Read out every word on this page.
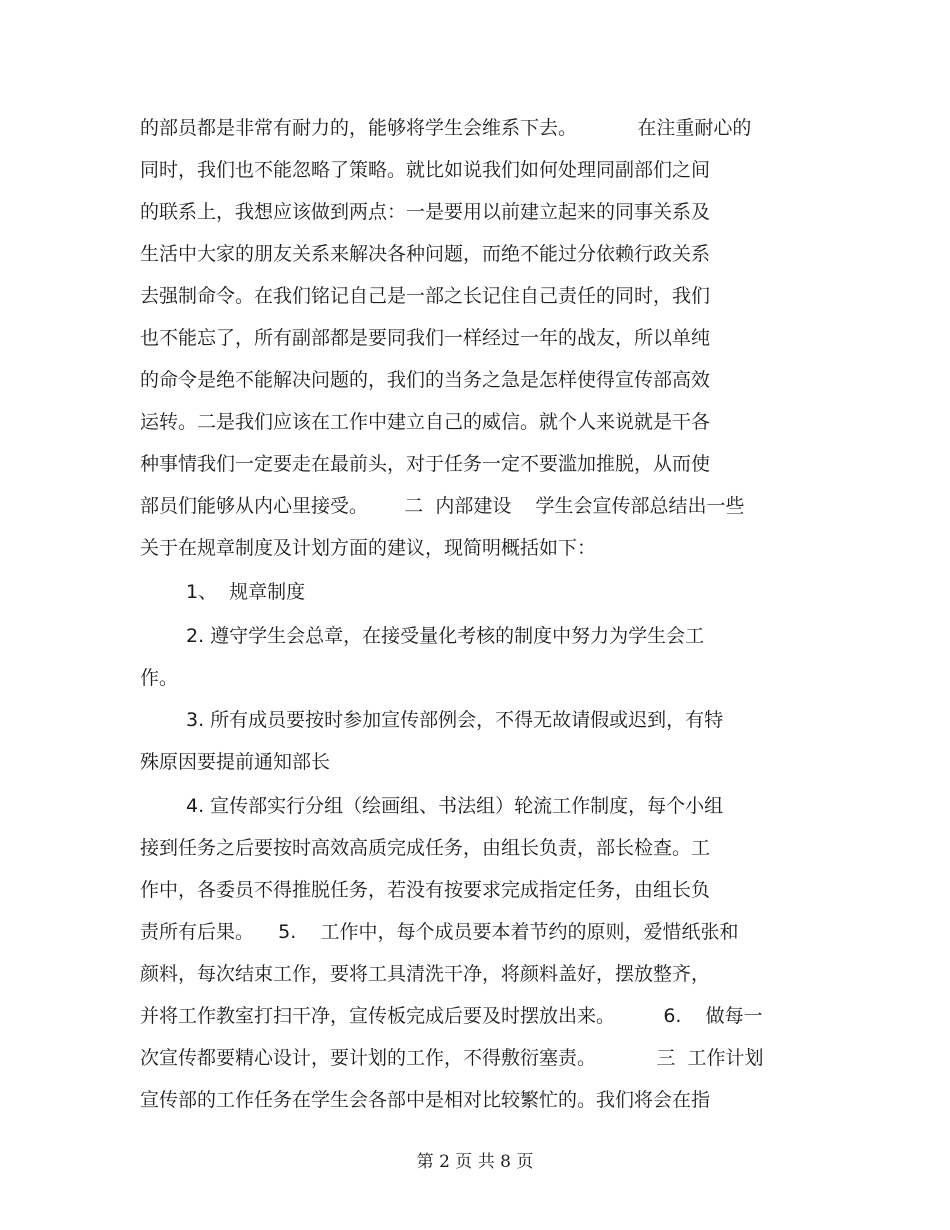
的部员都是非常有耐力的，能够将学生会维系下去。          在注重耐心的
同时，我们也不能忽略了策略。就比如说我们如何处理同副部们之间
的联系上，我想应该做到两点：一是要用以前建立起来的同事关系及
生活中大家的朋友关系来解决各种问题，而绝不能过分依赖行政关系
去强制命令。在我们铭记自己是一部之长记住自己责任的同时，我们
也不能忘了，所有副部都是要同我们一样经过一年的战友，所以单纯
的命令是绝不能解决问题的，我们的当务之急是怎样使得宣传部高效
运转。二是我们应该在工作中建立自己的威信。就个人来说就是干各
种事情我们一定要走在最前头，对于任务一定不要滥加推脱，从而使
部员们能够从内心里接受。      二  内部建设    学生会宣传部总结出一些
关于在规章制度及计划方面的建议，现简明概括如下：
1、  规章制度
2. 遵守学生会总章，在接受量化考核的制度中努力为学生会工
作。
3. 所有成员要按时参加宣传部例会，不得无故请假或迟到，有特
殊原因要提前通知部长
4. 宣传部实行分组（绘画组、书法组）轮流工作制度，每个小组
接到任务之后要按时高效高质完成任务，由组长负责，部长检查。工
作中，各委员不得推脱任务，若没有按要求完成指定任务，由组长负
责所有后果。    5.    工作中，每个成员要本着节约的原则，爱惜纸张和
颜料，每次结束工作，要将工具清洗干净，将颜料盖好，摆放整齐，
并将工作教室打扫干净，宣传板完成后要及时摆放出来。        6.    做每一
次宣传都要精心设计，要计划的工作，不得敷衍塞责。          三  工作计划
宣传部的工作任务在学生会各部中是相对比较繁忙的。我们将会在指
第 2 页 共 8 页
